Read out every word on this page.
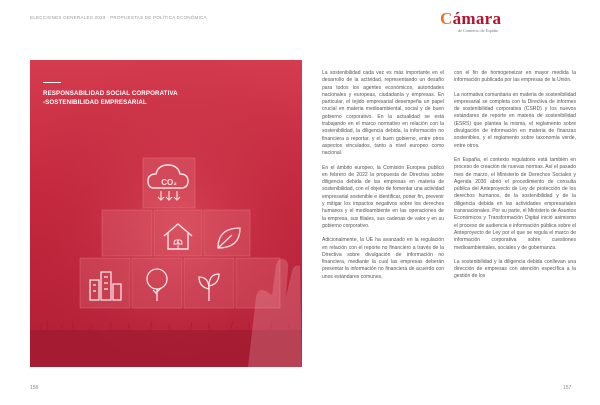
ELECCIONES GENERALES 2023 · PROPUESTAS DE POLÍTICA ECONÓMICA	Cámara
de Comercio de España
CO₂
RESPONSABILIDAD SOCIAL CORPORATIVA
-SOSTENIBILIDAD EMPRESARIAL

La sostenibilidad cada vez es más importante en el desarrollo de la actividad, representando un desafío para todos los agentes económicos, autoridades nacionales y europeas, ciudadanía y empresas. En particular, el tejido empresarial desempeña un papel crucial en materia medioambiental, social y de buen gobierno corporativo. En la actualidad se está trabajando en el marco normativo en relación con la sostenibilidad, la diligencia debida, la información no financiera a reportar, y el buen gobierno, entre otros aspectos vinculados, tanto a nivel europeo como nacional.

En el ámbito europeo, la Comisión Europea publicó en febrero de 2022 la propuesta de Directiva sobre diligencia debida de las empresas en materia de sostenibilidad, con el objeto de fomentar una actividad empresarial sostenible e identificar, poner fin, prevenir y mitigar los impactos negativos sobre los derechos humanos y el medioambiente en las operaciones de la empresa, sus filiales, sus cadenas de valor y en su gobierno corporativo.

Adicionalmente, la UE ha avanzado en la regulación en relación con el reporte no financiero a través de la Directiva sobre divulgación de información no financiera, mediante la cual las empresas deberán presentar la información no financiera de acuerdo con unos estándares comunes,

con el fin de homogeneizar en mayor medida la información publicada por las empresas de la Unión.

La normativa comunitaria en materia de sostenibilidad empresarial se completa con la Directiva de informes de sostenibilidad corporativa (CSRD) y los nuevos estándares de reporte en materia de sostenibilidad (ESRS) que plantea la misma, el reglamento sobre divulgación de información en materia de finanzas sostenibles, y el reglamento sobre taxonomía verde, entre otros.

En España, el contexto regulatorio está también en proceso de creación de nuevas normas. Así el pasado mes de marzo, el Ministerio de Derechos Sociales y Agenda 2030 abrió el procedimiento de consulta pública del Anteproyecto de Ley de protección de los derechos humanos, de la sostenibilidad y de la diligencia debida en las actividades empresariales transnacionales. Por su parte, el Ministerio de Asuntos Económicos y Transformación Digital inició asimismo el proceso de audiencia e información pública sobre el Anteproyecto de Ley por el que se regula el marco de información corporativa sobre cuestiones medioambientales, sociales y de gobernanza.

La sostenibilidad y la diligencia debida conllevan una dirección de empresas con atención específica a la gestión de los

156	157
